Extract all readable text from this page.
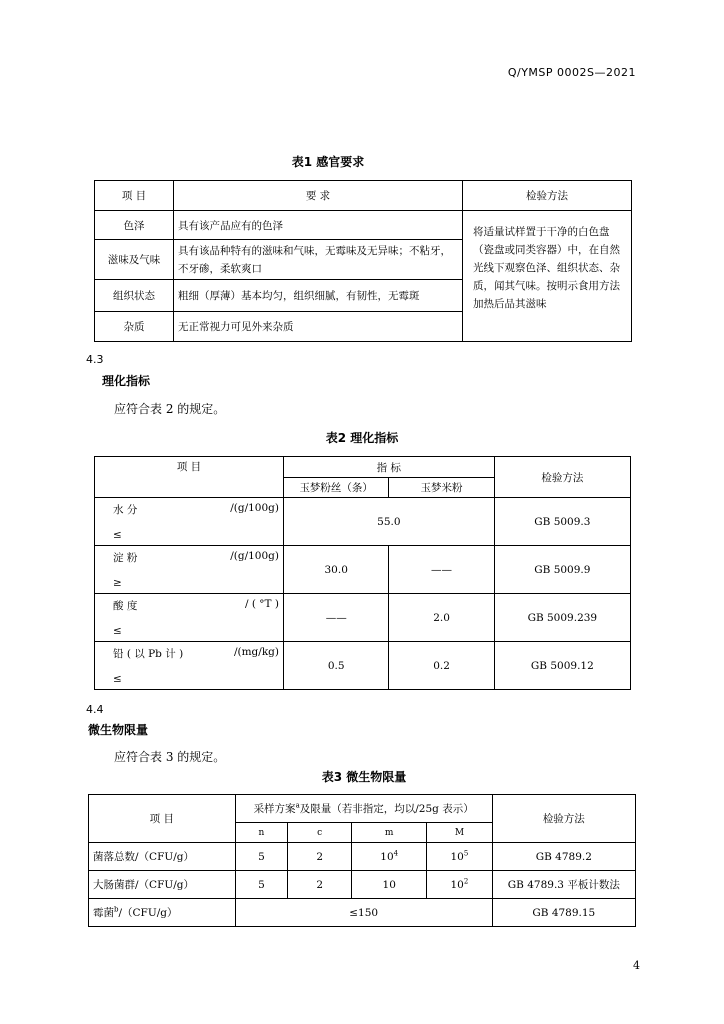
Q/YMSP 0002S—2021
表1 感官要求
项 目	要 求	检验方法
色泽	具有该产品应有的色泽	将适量试样置于干净的白色盘（瓷盘或同类容器）中，在自然光线下观察色泽、组织状态、杂质，闻其气味。按明示食用方法加热后品其滋味
滋味及气味	具有该品种特有的滋味和气味，无霉味及无异味；不粘牙，不牙碜，柔软爽口	
组织状态	粗细（厚薄）基本均匀，组织细腻，有韧性，无霉斑	
杂质	无正常视力可见外来杂质	
4.3
理化指标
应符合表 2 的规定。
表2 理化指标
项 目	指 标		检验方法
	玉梦粉丝（条）	玉梦米粉	

水 分 /(g/100g)
≤	55.0		GB 5009.3

淀 粉 /(g/100g)
≥	30.0	——	GB 5009.9

酸 度 / ( °T )
≤	——	2.0	GB 5009.239

铅 ( 以 Pb 计 ) /(mg/kg)
≤	0.5	0.2	GB 5009.12
4.4
微生物限量
应符合表 3 的规定。
表3 微生物限量
项 目	采样方案$^a$及限量（若非指定，均以/25g 表示）				检验方法
	n	c	m	M	
菌落总数/（CFU/g）	5	2	$10^4$	$10^5$	GB 4789.2
大肠菌群/（CFU/g）	5	2	10	$10^2$	GB 4789.3 平板计数法
霉菌$^b$/（CFU/g）	≤150				GB 4789.15
4
